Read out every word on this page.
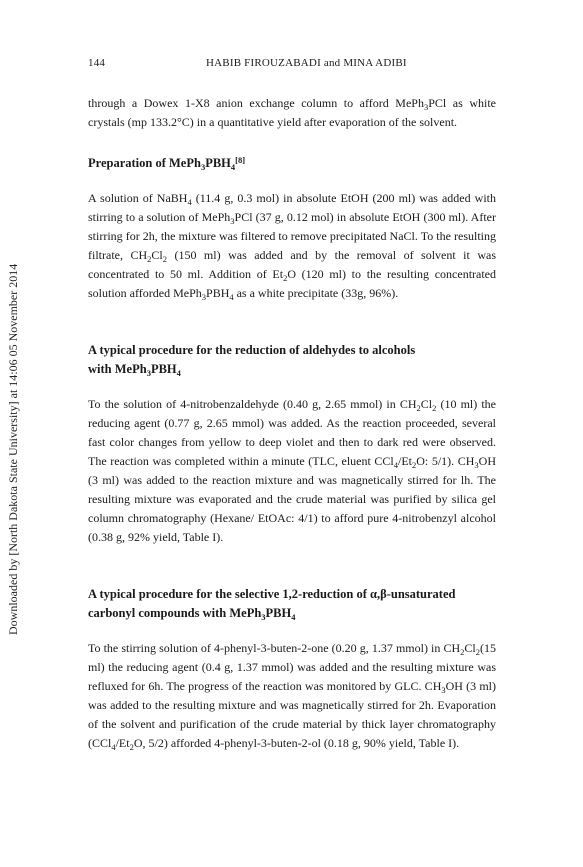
Downloaded by [North Dakota State University] at 14:06 05 November 2014
144	HABIB FIROUZABADI and MINA ADIBI

through a Dowex 1-X8 anion exchange column to afford MePh$_3$PCl as white crystals (mp 133.2°C) in a quantitative yield after evaporation of the solvent.

Preparation of $MePh_3PBH_4[8]$

A solution of NaBH$_4$ (11.4 g, 0.3 mol) in absolute EtOH (200 ml) was added with stirring to a solution of MePh$_3$PCl (37 g, 0.12 mol) in absolute EtOH (300 ml). After stirring for 2h, the mixture was filtered to remove precipitated NaCl. To the resulting filtrate, $CH_2Cl_2$ (150 ml) was added and by the removal of solvent it was concentrated to 50 ml. Addition of $Et_2O$ (120 ml) to the resulting concentrated solution afforded $MePh_3PBH_4$ as a white precipitate (33g, 96%).

A typical procedure for the reduction of aldehydes to alcohols
with $MePh_3PBH_4$

To the solution of 4-nitrobenzaldehyde (0.40 g, 2.65 mmol) in $CH_2Cl_2$ (10 ml) the reducing agent (0.77 g, 2.65 mmol) was added. As the reaction proceeded, several fast color changes from yellow to deep violet and then to dark red were observed. The reaction was completed within a minute (TLC, eluent $CCl_4/Et_2O$: 5/1). $CH_3OH$ (3 ml) was added to the reaction mixture and was magnetically stirred for lh. The resulting mixture was evaporated and the crude material was purified by silica gel column chromatography (Hexane/ EtOAc: 4/1) to afford pure 4-nitrobenzyl alcohol (0.38 g, 92% yield, Table I).

A typical procedure for the selective 1,2-reduction of α,β-unsaturated
carbonyl compounds with $MePh_3PBH_4$

To the stirring solution of 4-phenyl-3-buten-2-one (0.20 g, 1.37 mmol) in $CH_2Cl_2(15$ ml) the reducing agent (0.4 g, 1.37 mmol) was added and the resulting mixture was refluxed for 6h. The progress of the reaction was monitored by GLC. $CH_3OH$ (3 ml) was added to the resulting mixture and was magnetically stirred for 2h. Evaporation of the solvent and purification of the crude material by thick layer chromatography ($CCl_4/Et_2O$, 5/2) afforded 4-phenyl-3-buten-2-ol (0.18 g, 90% yield, Table I).
